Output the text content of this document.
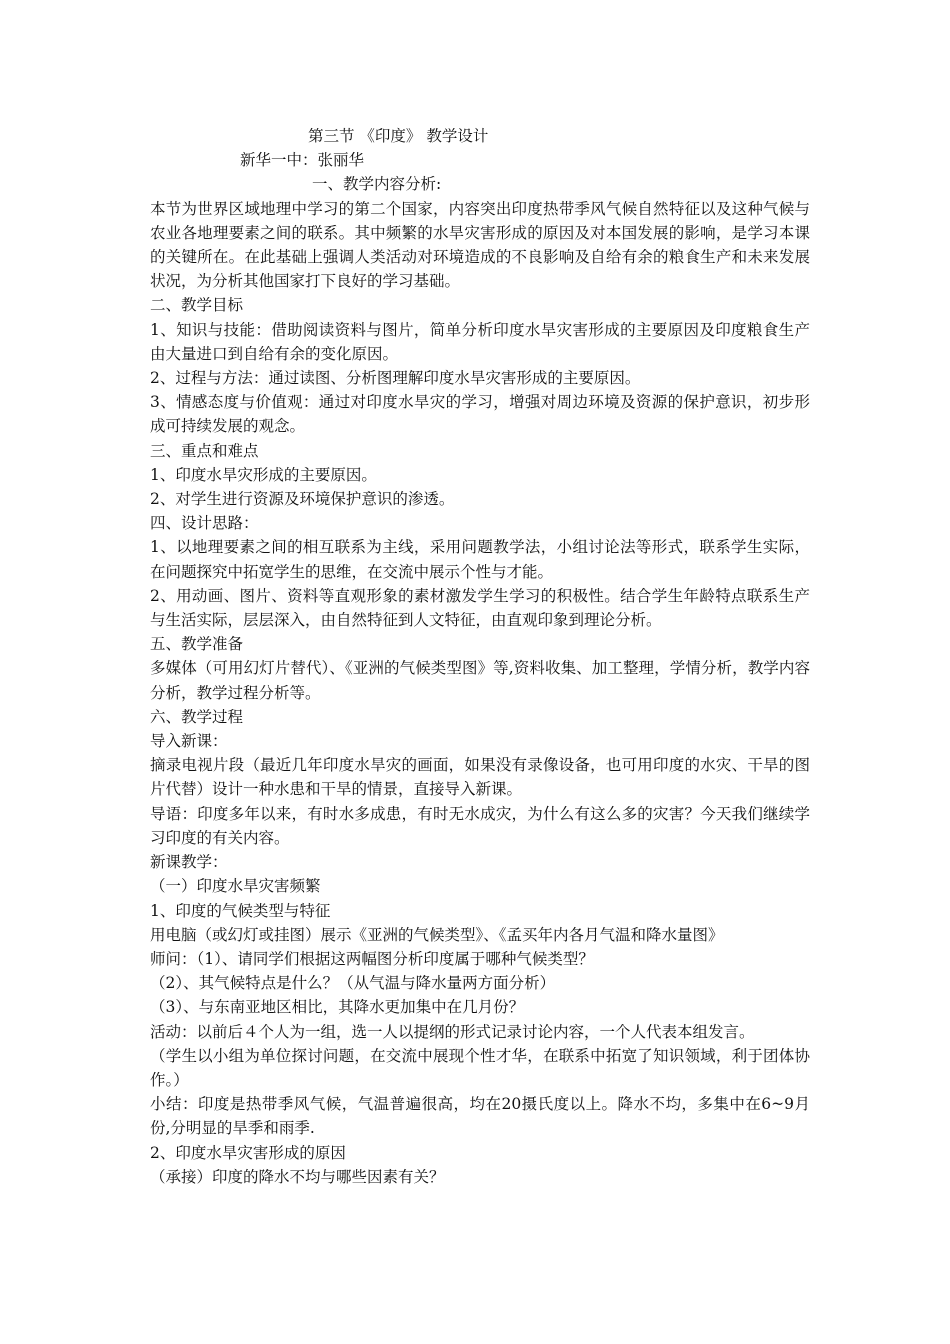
第三节 《印度》 教学设计

新华一中：张丽华

一、教学内容分析:

本节为世界区域地理中学习的第二个国家，内容突出印度热带季风气候自然特征以及这种气候与农业各地理要素之间的联系。其中频繁的水旱灾害形成的原因及对本国发展的影响，是学习本课的关键所在。在此基础上强调人类活动对环境造成的不良影响及自给有余的粮食生产和未来发展状况，为分析其他国家打下良好的学习基础。

二、教学目标

1、知识与技能：借助阅读资料与图片，简单分析印度水旱灾害形成的主要原因及印度粮食生产由大量进口到自给有余的变化原因。

2、过程与方法：通过读图、分析图理解印度水旱灾害形成的主要原因。

3、情感态度与价值观：通过对印度水旱灾的学习，增强对周边环境及资源的保护意识，初步形成可持续发展的观念。

三、重点和难点

1、印度水旱灾形成的主要原因。

2、对学生进行资源及环境保护意识的渗透。

四、设计思路：

1、以地理要素之间的相互联系为主线，采用问题教学法，小组讨论法等形式，联系学生实际，在问题探究中拓宽学生的思维，在交流中展示个性与才能。

2、用动画、图片、资料等直观形象的素材激发学生学习的积极性。结合学生年龄特点联系生产与生活实际，层层深入，由自然特征到人文特征，由直观印象到理论分析。

五、教学准备

多媒体（可用幻灯片替代）、《亚洲的气候类型图》等,资料收集、加工整理，学情分析，教学内容分析，教学过程分析等。

六、教学过程

导入新课：

摘录电视片段（最近几年印度水旱灾的画面，如果没有录像设备，也可用印度的水灾、干旱的图片代替）设计一种水患和干旱的情景，直接导入新课。

导语：印度多年以来，有时水多成患，有时无水成灾，为什么有这么多的灾害？今天我们继续学习印度的有关内容。

新课教学：

（一）印度水旱灾害频繁

1、印度的气候类型与特征

用电脑（或幻灯或挂图）展示《亚洲的气候类型》、《孟买年内各月气温和降水量图》

师问：（1）、请同学们根据这两幅图分析印度属于哪种气候类型？

（2）、其气候特点是什么？（从气温与降水量两方面分析）

（3）、与东南亚地区相比，其降水更加集中在几月份？

活动：以前后４个人为一组，选一人以提纲的形式记录讨论内容，一个人代表本组发言。

（学生以小组为单位探讨问题，在交流中展现个性才华，在联系中拓宽了知识领域，利于团体协作。）

小结：印度是热带季风气候，气温普遍很高，均在20摄氏度以上。降水不均，多集中在6~9月份,分明显的旱季和雨季.

2、印度水旱灾害形成的原因

（承接）印度的降水不均与哪些因素有关？
